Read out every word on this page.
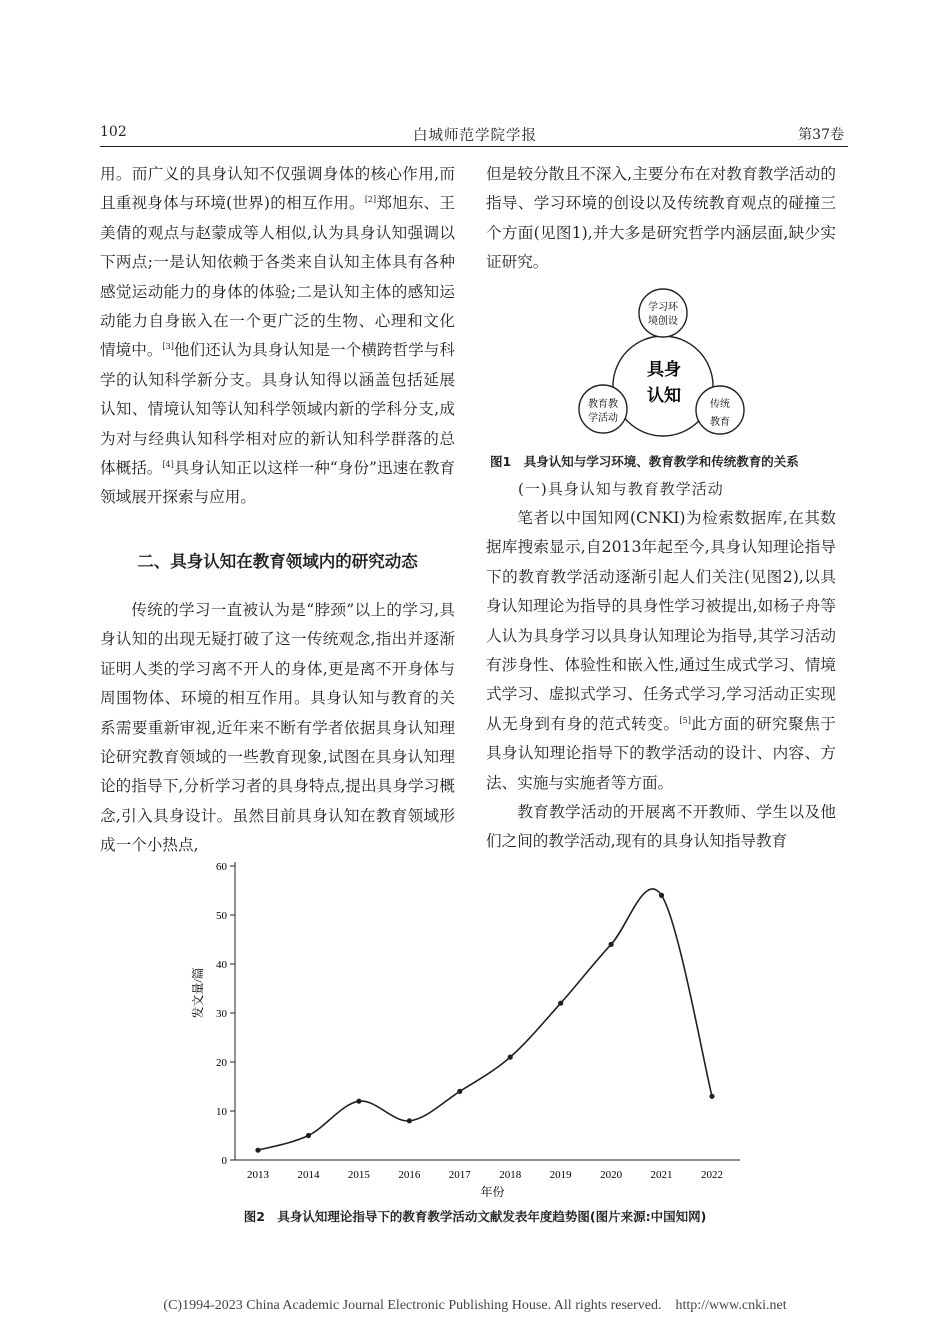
102	白城师范学院学报	第37卷

用。而广义的具身认知不仅强调身体的核心作用,而且重视身体与环境(世界)的相互作用。[2]郑旭东、王美倩的观点与赵蒙成等人相似,认为具身认知强调以下两点;一是认知依赖于各类来自认知主体具有各种感觉运动能力的身体的体验;二是认知主体的感知运动能力自身嵌入在一个更广泛的生物、心理和文化情境中。[3]他们还认为具身认知是一个横跨哲学与科学的认知科学新分支。具身认知得以涵盖包括延展认知、情境认知等认知科学领域内新的学科分支,成为对与经典认知科学相对应的新认知科学群落的总体概括。[4]具身认知正以这样一种“身份”迅速在教育领域展开探索与应用。

二、具身认知在教育领域内的研究动态

传统的学习一直被认为是“脖颈”以上的学习,具身认知的出现无疑打破了这一传统观念,指出并逐渐证明人类的学习离不开人的身体,更是离不开身体与周围物体、环境的相互作用。具身认知与教育的关系需要重新审视,近年来不断有学者依据具身认知理论研究教育领域的一些教育现象,试图在具身认知理论的指导下,分析学习者的具身特点,提出具身学习概念,引入具身设计。虽然目前具身认知在教育领域形成一个小热点,

但是较分散且不深入,主要分布在对教育教学活动的指导、学习环境的创设以及传统教育观点的碰撞三个方面(见图1),并大多是研究哲学内涵层面,缺少实证研究。

具身
认知
学习环
境创设
教育教
学活动
传统
教育
图1　具身认知与学习环境、教育教学和传统教育的关系
(一)具身认知与教育教学活动

笔者以中国知网(CNKI)为检索数据库,在其数据库搜索显示,自2013年起至今,具身认知理论指导下的教育教学活动逐渐引起人们关注(见图2),以具身认知理论为指导的具身性学习被提出,如杨子舟等人认为具身学习以具身认知理论为指导,其学习活动有涉身性、体验性和嵌入性,通过生成式学习、情境式学习、虚拟式学习、任务式学习,学习活动正实现从无身到有身的范式转变。[5]此方面的研究聚焦于具身认知理论指导下的教学活动的设计、内容、方法、实施与实施者等方面。

教育教学活动的开展离不开教师、学生以及他们之间的教学活动,现有的具身认知指导教育

0
10
20
30
40
50
60
2013	2014	2015	2016	2017	2018	2019	2020	2021	2022
发文量/篇
年份
图2　具身认知理论指导下的教育教学活动文献发表年度趋势图(图片来源:中国知网)
(C)1994-2023 China Academic Journal Electronic Publishing House. All rights reserved. http://www.cnki.net
